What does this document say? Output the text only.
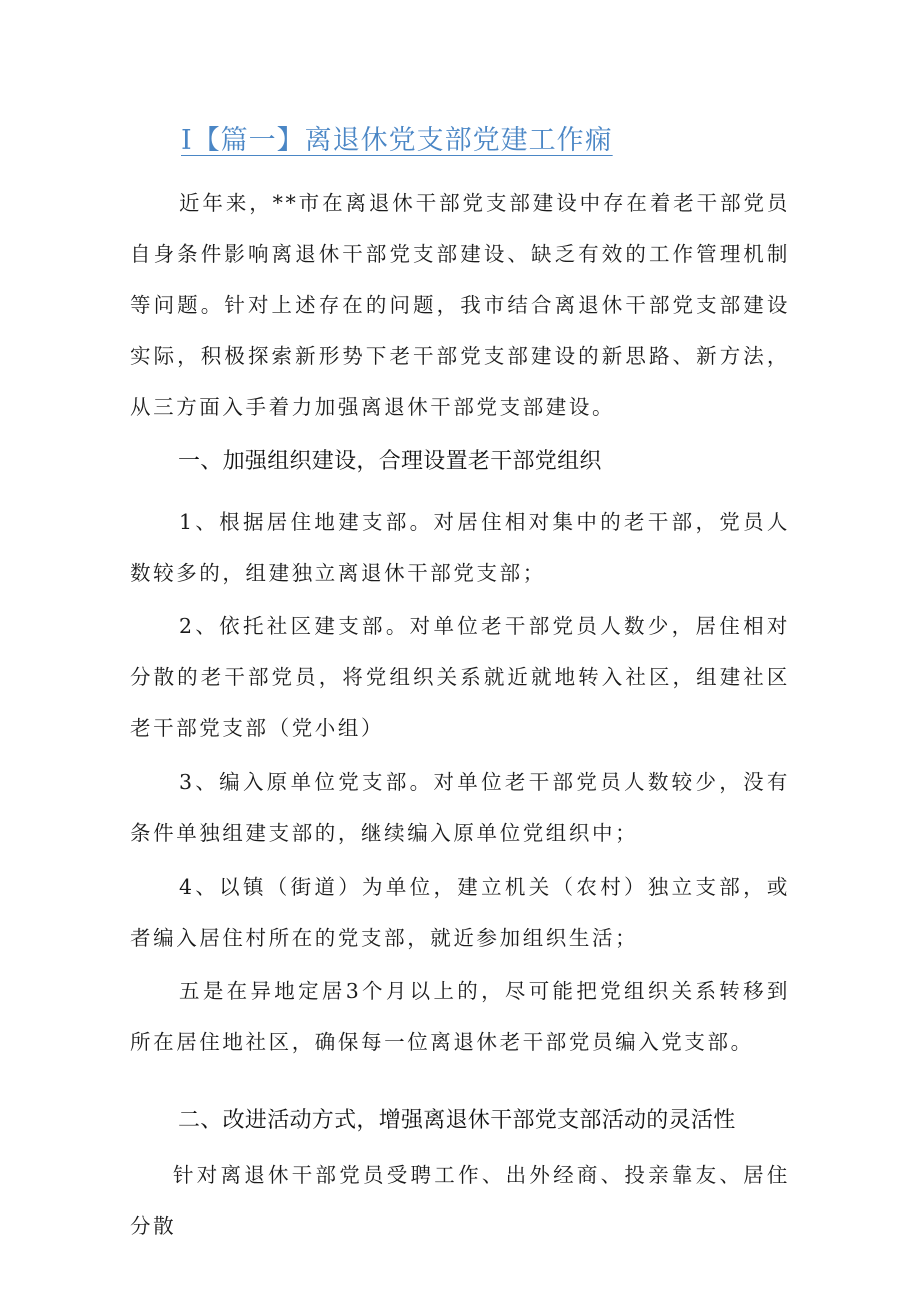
I【篇一】离退休党支部党建工作痫

近年来，**市在离退休干部党支部建设中存在着老干部党员自身条件影响离退休干部党支部建设、缺乏有效的工作管理机制等问题。针对上述存在的问题，我市结合离退休干部党支部建设实际，积极探索新形势下老干部党支部建设的新思路、新方法，从三方面入手着力加强离退休干部党支部建设。

一、加强组织建设，合理设置老干部党组织

1、根据居住地建支部。对居住相对集中的老干部，党员人数较多的，组建独立离退休干部党支部；

2、依托社区建支部。对单位老干部党员人数少，居住相对分散的老干部党员，将党组织关系就近就地转入社区，组建社区老干部党支部（党小组）

3、编入原单位党支部。对单位老干部党员人数较少，没有条件单独组建支部的，继续编入原单位党组织中；

4、以镇（街道）为单位，建立机关（农村）独立支部，或者编入居住村所在的党支部，就近参加组织生活；

五是在异地定居3个月以上的，尽可能把党组织关系转移到所在居住地社区，确保每一位离退休老干部党员编入党支部。

二、改进活动方式，增强离退休干部党支部活动的灵活性

针对离退休干部党员受聘工作、出外经商、投亲靠友、居住分散
